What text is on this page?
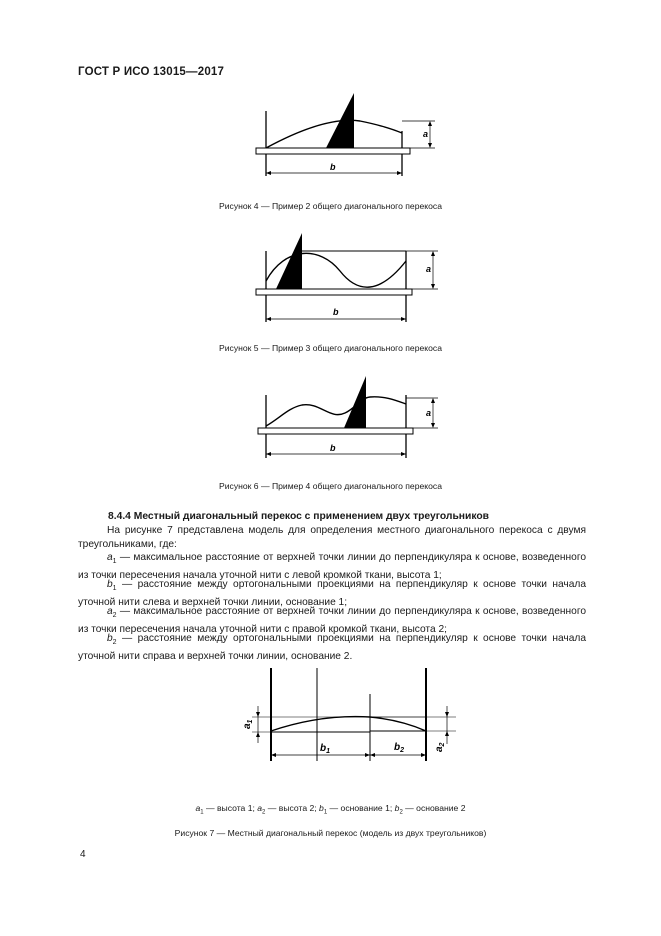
ГОСТ Р ИСО 13015—2017
a
b
Рисунок 4 — Пример 2 общего диагонального перекоса
a
b
Рисунок 5 — Пример 3 общего диагонального перекоса
a
b
Рисунок 6 — Пример 4 общего диагонального перекоса
8.4.4 Местный диагональный перекос с применением двух треугольников
На рисунке 7 представлена модель для определения местного диагонального перекоса с двумя треугольниками, где:
$a_1$ — максимальное расстояние от верхней точки линии до перпендикуляра к основе, возведенного из точки пересечения начала уточной нити с левой кромкой ткани, высота 1;
$b_1$ — расстояние между ортогональными проекциями на перпендикуляр к основе точки начала уточной нити слева и верхней точки линии, основание 1;
$a_2$ — максимальное расстояние от верхней точки линии до перпендикуляра к основе, возведенного из точки пересечения начала уточной нити с правой кромкой ткани, высота 2;
$b_2$ — расстояние между ортогональными проекциями на перпендикуляр к основе точки начала уточной нити справа и верхней точки линии, основание 2.
$a_1$
$a_2$
$b_1$	$b_2$
$a_1$ — высота 1; $a_2$ — высота 2; $b_1$ — основание 1; $b_2$ — основание 2
Рисунок 7 — Местный диагональный перекос (модель из двух треугольников)
4
